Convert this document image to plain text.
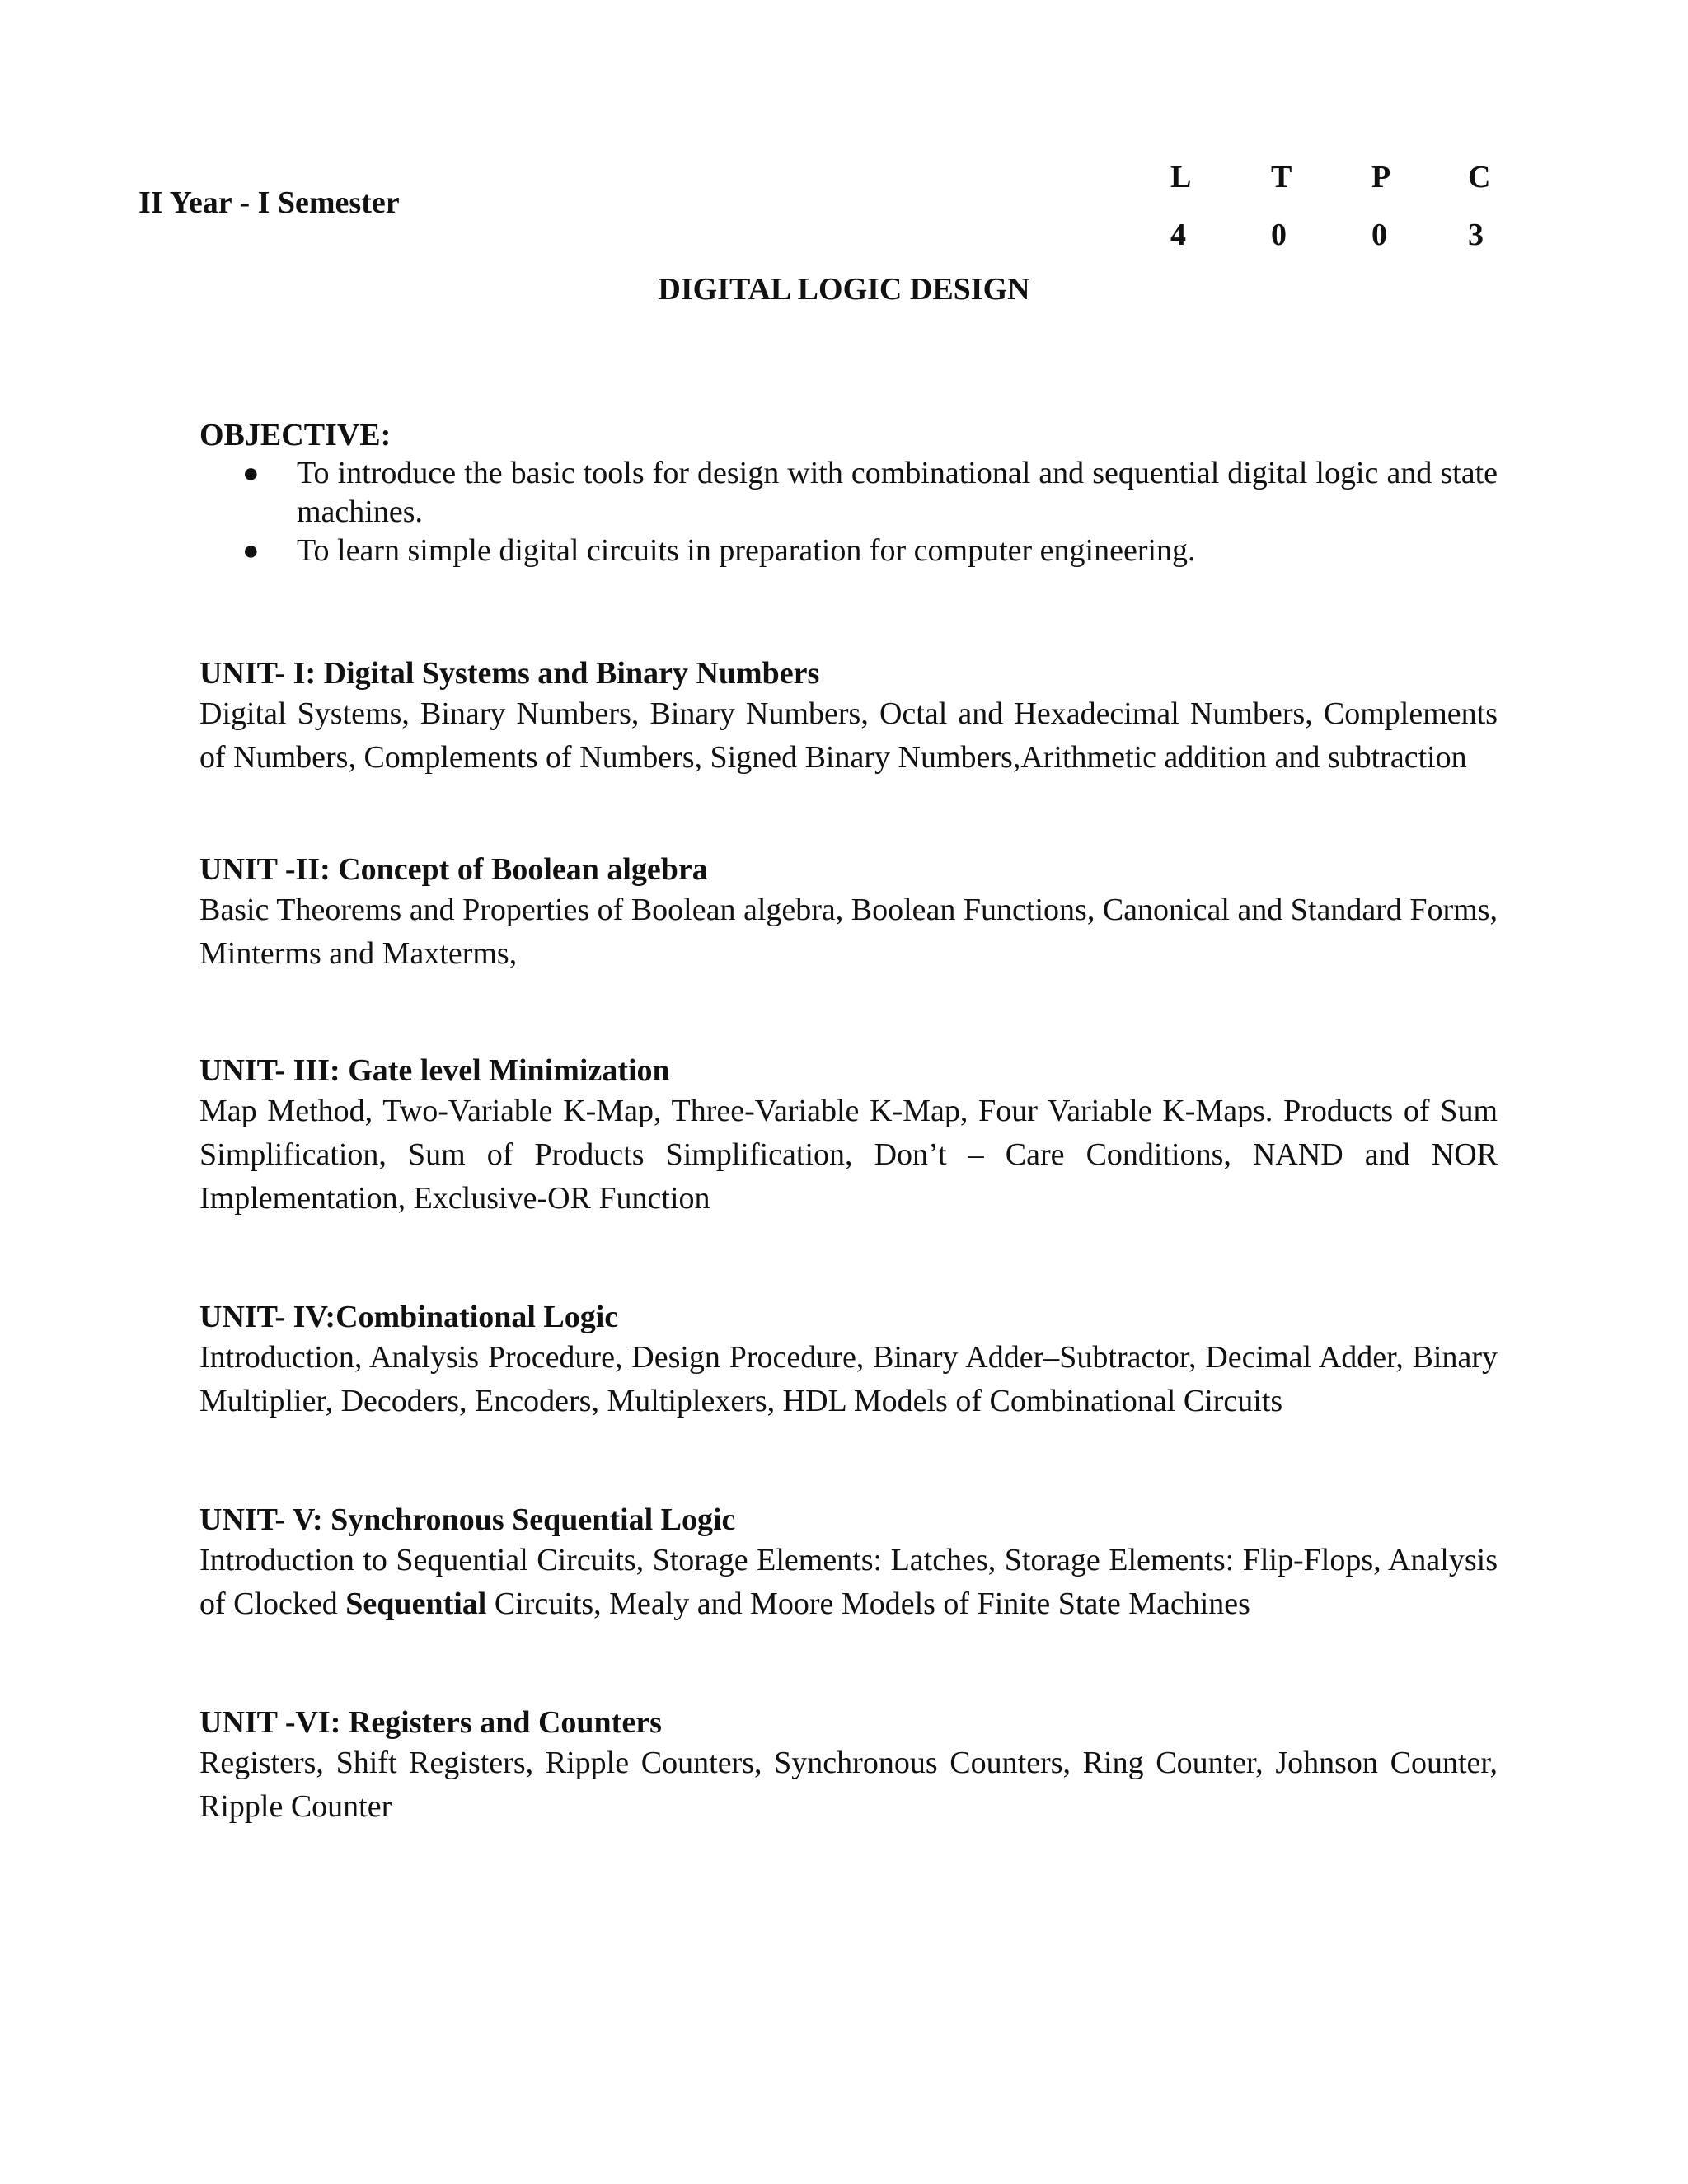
II Year - I Semester
L
4
T
0
P
0
C
3
DIGITAL LOGIC DESIGN
OBJECTIVE:
● To introduce the basic tools for design with combinational and sequential digital logic and state machines.
● To learn simple digital circuits in preparation for computer engineering.
UNIT- I: Digital Systems and Binary Numbers
Digital Systems, Binary Numbers, Binary Numbers, Octal and Hexadecimal Numbers, Complements of Numbers, Complements of Numbers, Signed Binary Numbers,Arithmetic addition and subtraction
UNIT -II: Concept of Boolean algebra
Basic Theorems and Properties of Boolean algebra, Boolean Functions, Canonical and Standard Forms, Minterms and Maxterms,
UNIT- III: Gate level Minimization
Map Method, Two-Variable K-Map, Three-Variable K-Map, Four Variable K-Maps. Products of Sum Simplification, Sum of Products Simplification, Don’t – Care Conditions, NAND and NOR Implementation, Exclusive-OR Function
UNIT- IV:Combinational Logic
Introduction, Analysis Procedure, Design Procedure, Binary Adder–Subtractor, Decimal Adder, Binary Multiplier, Decoders, Encoders, Multiplexers, HDL Models of Combinational Circuits
UNIT- V: Synchronous Sequential Logic
Introduction to Sequential Circuits, Storage Elements: Latches, Storage Elements: Flip-Flops, Analysis of Clocked Sequential Circuits, Mealy and Moore Models of Finite State Machines
UNIT -VI: Registers and Counters
Registers, Shift Registers, Ripple Counters, Synchronous Counters, Ring Counter, Johnson Counter, Ripple Counter
